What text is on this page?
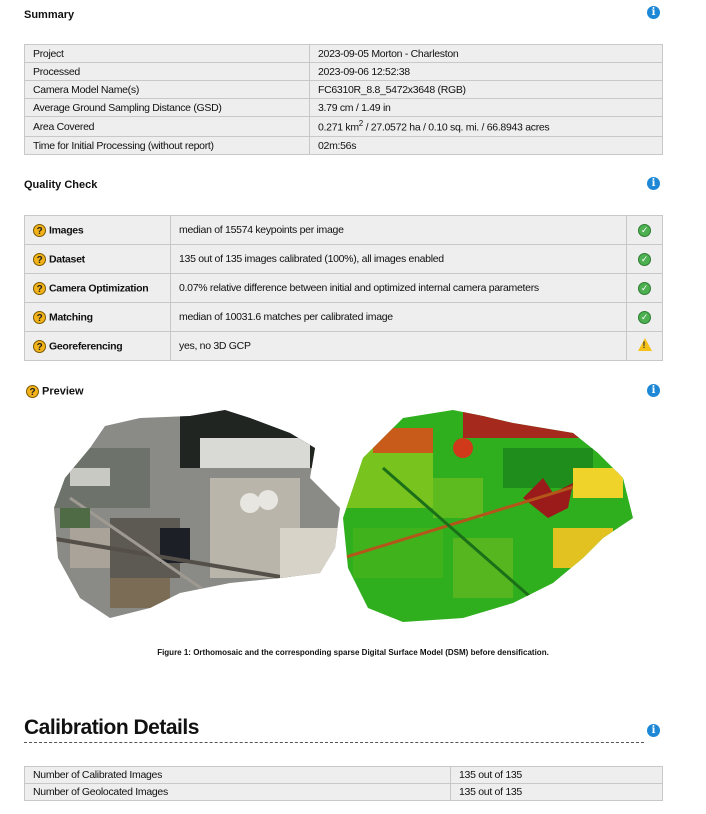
Summary	i
Project	2023-09-05 Morton - Charleston
Processed	2023-09-06 12:52:38
Camera Model Name(s)	FC6310R_8.8_5472x3648 (RGB)
Average Ground Sampling Distance (GSD)	3.79 cm / 1.49 in
Area Covered	0.271 $km^2 / 27.0572$ ha / 0.10 sq. mi. / 66.8943 acres
Time for Initial Processing (without report)	02m:56s
Quality Check	i
? Images	median of 15574 keypoints per image	✓
? Dataset	135 out of 135 images calibrated (100%), all images enabled	✓
? Camera Optimization	0.07% relative difference between initial and optimized internal camera parameters	✓
? Matching	median of 10031.6 matches per calibrated image	✓
? Georeferencing	yes, no 3D GCP	!
? Preview	i
Figure 1: Orthomosaic and the corresponding sparse Digital Surface Model (DSM) before densification.
Calibration Details	i
Number of Calibrated Images	135 out of 135
Number of Geolocated Images	135 out of 135
